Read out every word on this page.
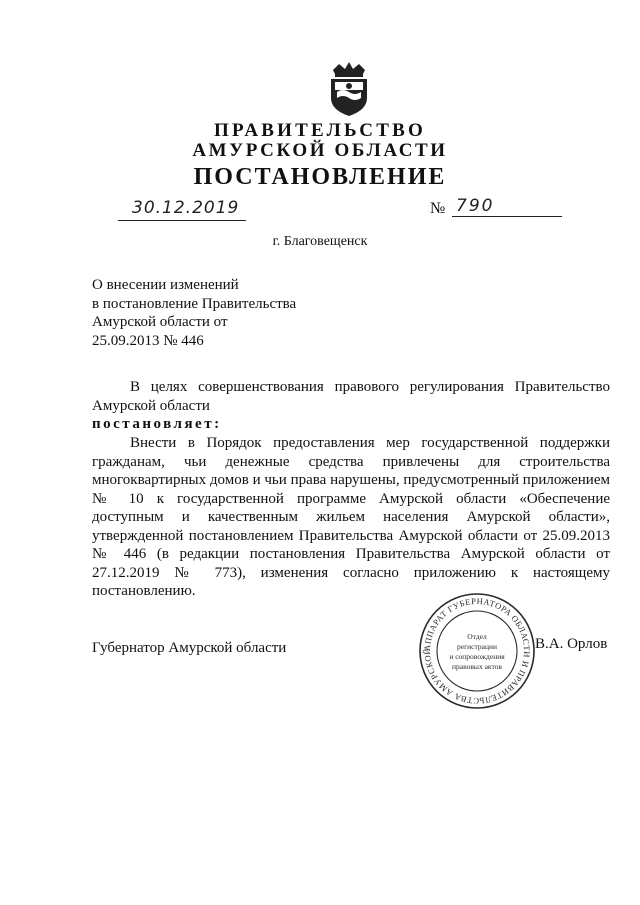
ПРАВИТЕЛЬСТВО
АМУРСКОЙ ОБЛАСТИ
ПОСТАНОВЛЕНИЕ
30.12.2019	№ 790
г. Благовещенск
О внесении изменений
в постановление Правительства
Амурской области от
25.09.2013 № 446
В целях совершенствования правового регулирования Правительство Амурской области
постановляет:
Внести в Порядок предоставления мер государственной поддержки гражданам, чьи денежные средства привлечены для строительства многоквартирных домов и чьи права нарушены, предусмотренный приложением № 10 к государственной программе Амурской области «Обеспечение доступным и качественным жильем населения Амурской области», утвержденной постановлением Правительства Амурской области от 25.09.2013 № 446 (в редакции постановления Правительства Амурской области от 27.12.2019 № 773), изменения согласно приложению к настоящему постановлению.
Губернатор Амурской области	АППАРАТ ГУБЕРНАТОРА ОБЛАСТИ И ПРАВИТЕЛЬСТВА АМУРСКОЙ
Отдел
регистрации
и сопровождения
правовых актов
В.А. Орлов
